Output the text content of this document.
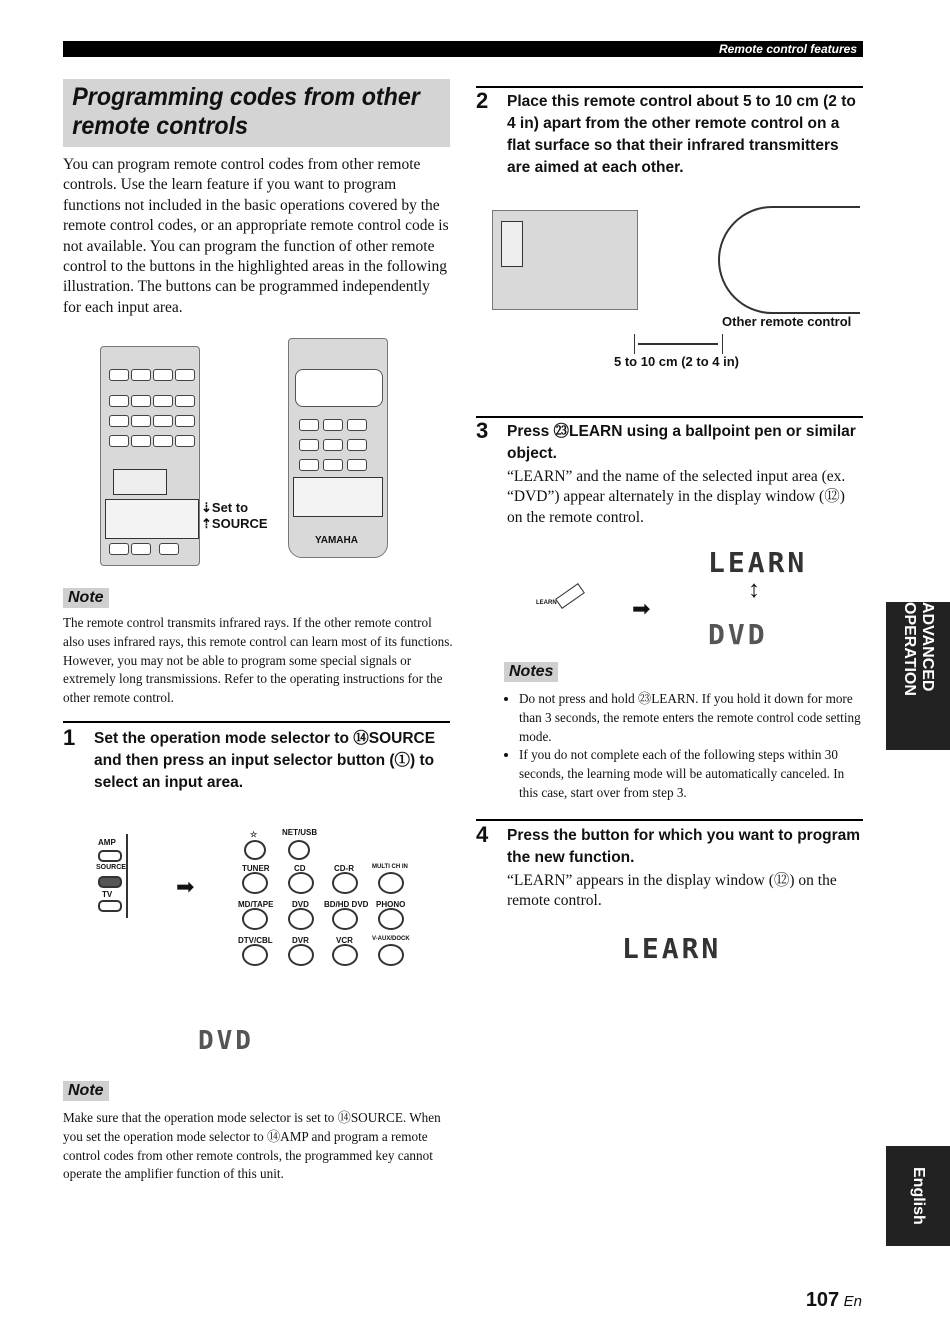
Remote control features
Programming codes from other remote controls
You can program remote control codes from other remote controls. Use the learn feature if you want to program functions not included in the basic operations covered by the remote control codes, or an appropriate remote control code is not available. You can program the function of other remote control to the buttons in the highlighted areas in the following illustration. The buttons can be programmed independently for each input area.
⇣Set to
⇡SOURCE
YAMAHA
Note
The remote control transmits infrared rays. If the other remote control also uses infrared rays, this remote control can learn most of its functions. However, you may not be able to program some special signals or extremely long transmissions. Refer to the operating instructions for the other remote control.
1 Set the operation mode selector to ⑭SOURCE and then press an input selector button (①) to select an input area.
AMP
SOURCE
TV	➡
☆	NET/USB
TUNER	CD	CD-R	MULTI CH IN
MD/TAPE DVD BD/HD DVD PHONO
DTV/CBL DVR	VCR	V-AUX/DOCK
DVD
Note
Make sure that the operation mode selector is set to ⑭SOURCE. When you set the operation mode selector to ⑭AMP and program a remote control codes from other remote controls, the programmed key cannot operate the amplifier function of this unit.
2 Place this remote control about 5 to 10 cm (2 to 4 in) apart from the other remote control on a flat surface so that their infrared transmitters are aimed at each other.
Other remote control
5 to 10 cm (2 to 4 in)
3 Press ㉓LEARN using a ballpoint pen or similar object.
“LEARN” and the name of the selected input area (ex. “DVD”) appear alternately in the display window (⑫) on the remote control.
LEARN	➡
LEARN
↕
DVD
Notes
• Do not press and hold ㉓LEARN. If you hold it down for more than 3 seconds, the remote enters the remote control code setting mode.
• If you do not complete each of the following steps within 30 seconds, the learning mode will be automatically canceled. In this case, start over from step 3.
4 Press the button for which you want to program the new function.
“LEARN” appears in the display window (⑫) on the remote control.
LEARN
ADVANCED OPERATION
English
107 En
